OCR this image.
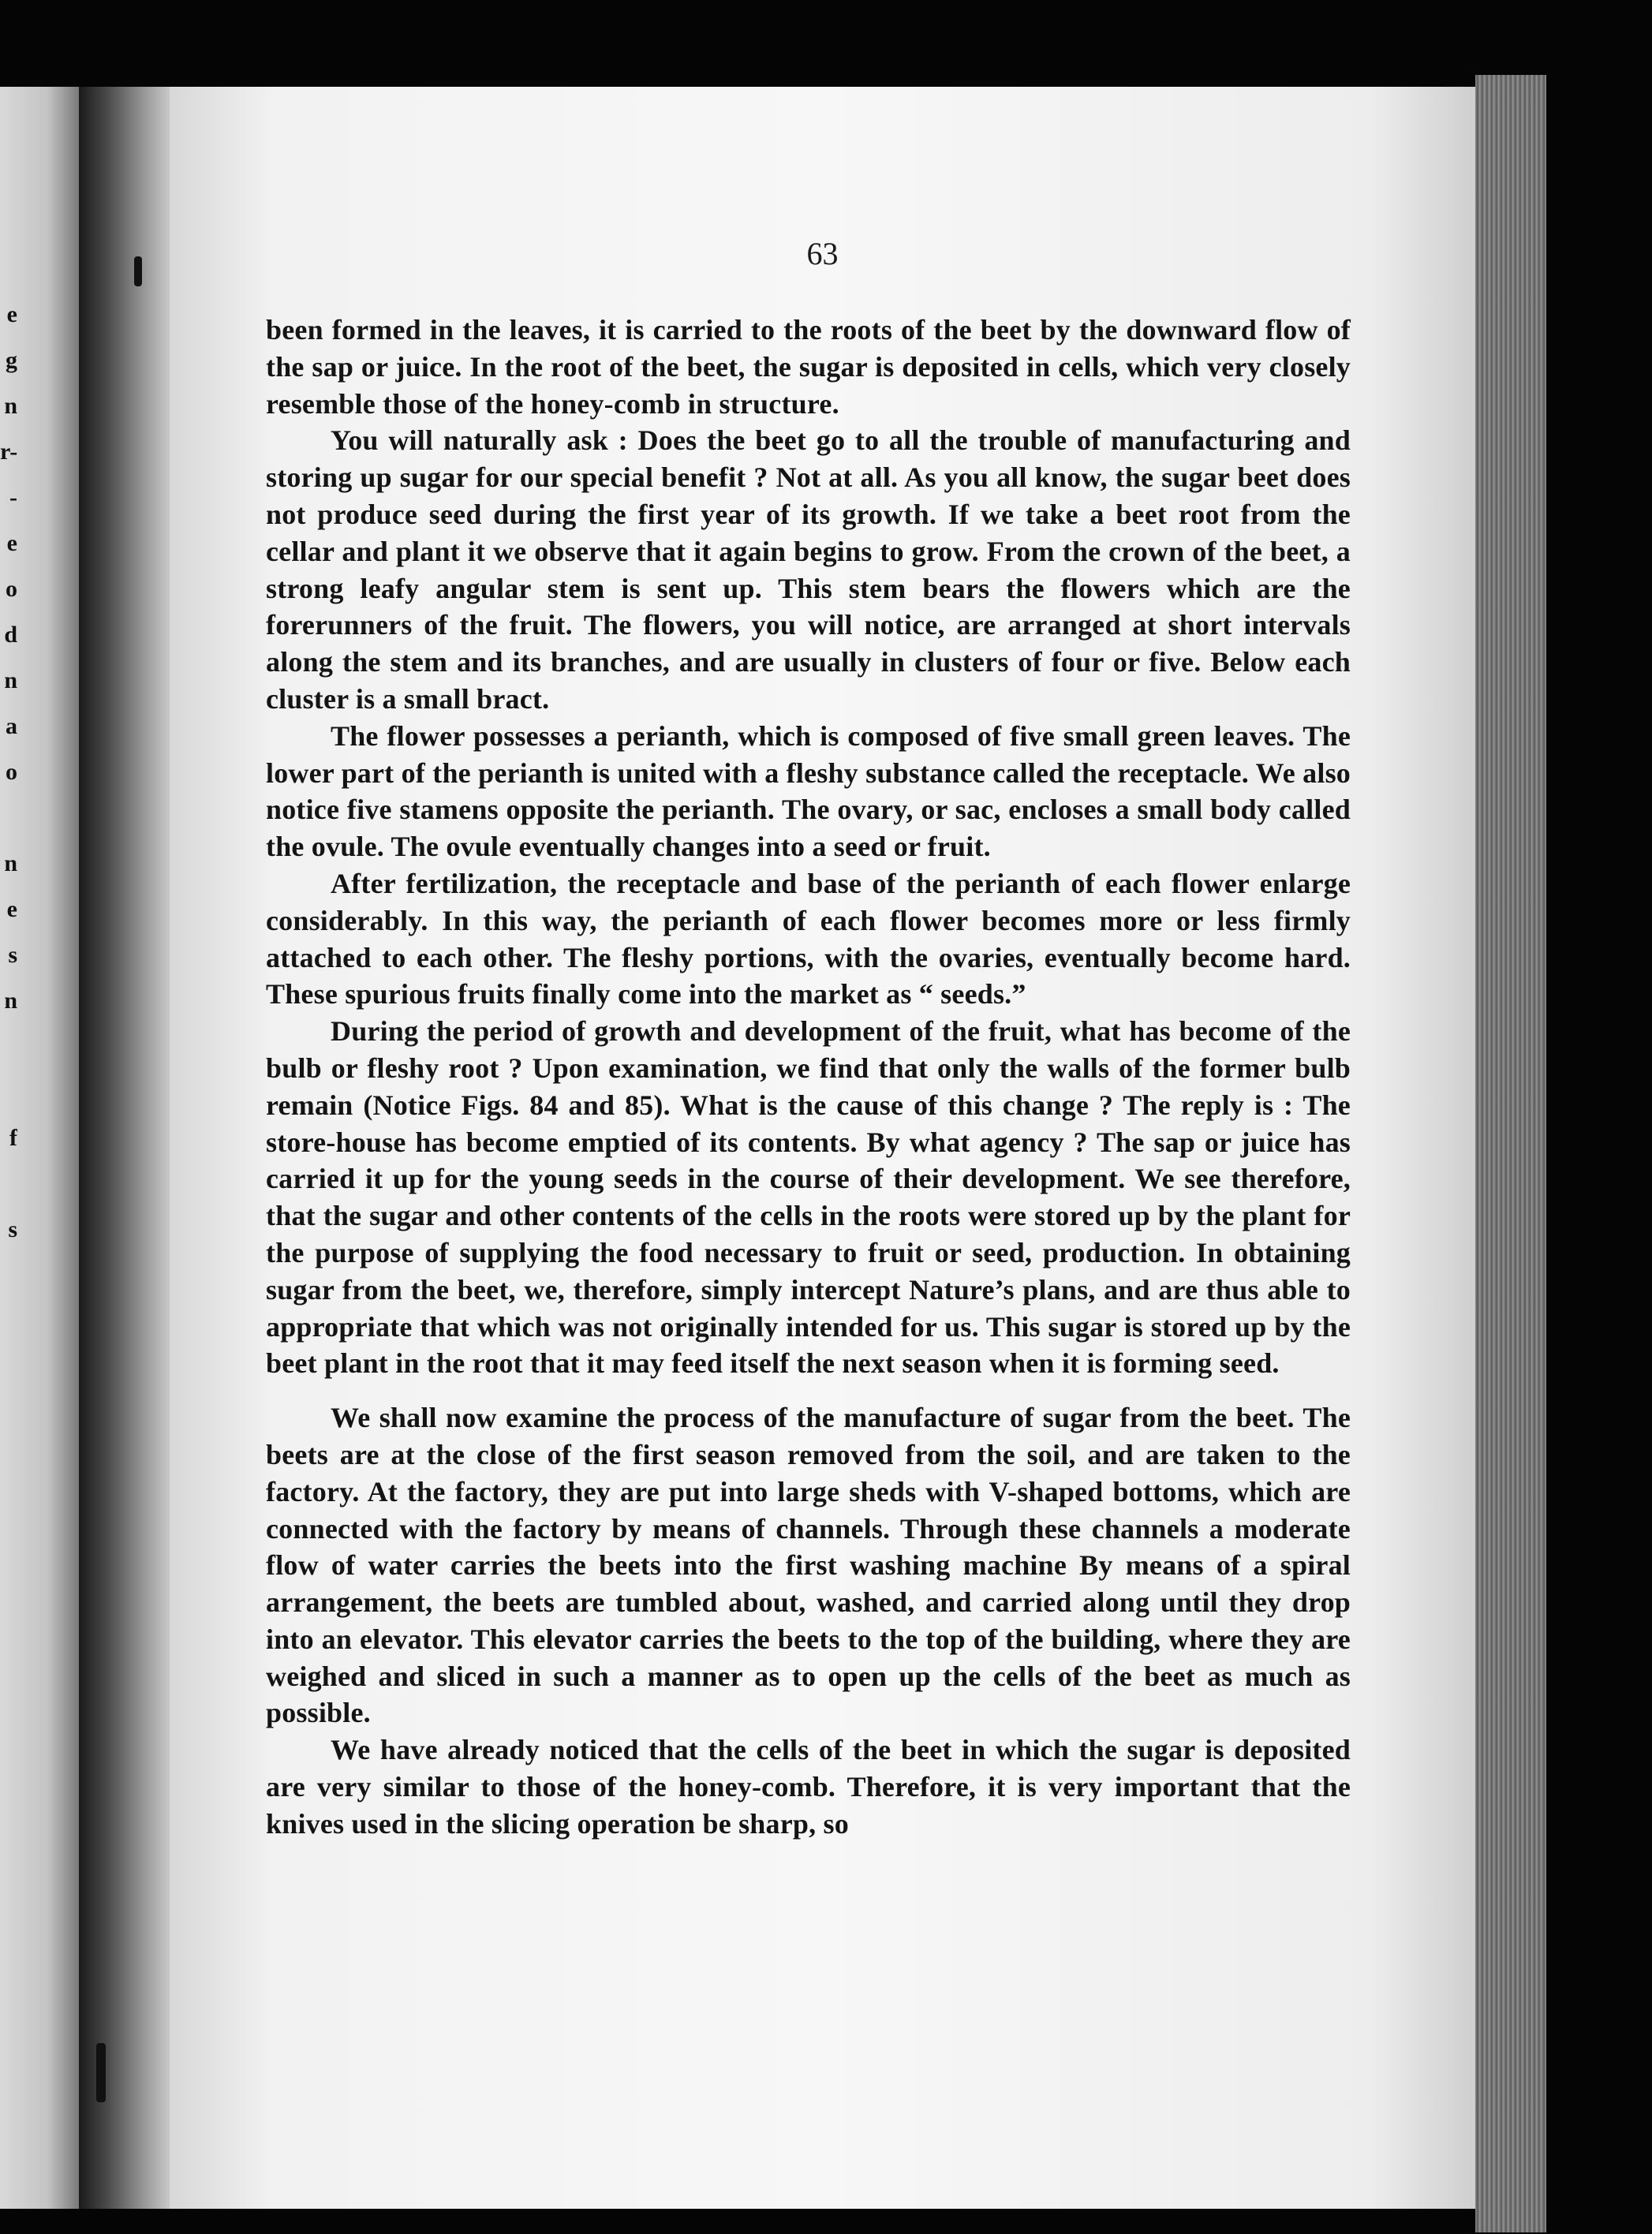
e
g
n
r-
-
e
o
d
n
a
o

n
e
s
n

f

s
63

been formed in the leaves, it is carried to the roots of the beet by the downward flow of the sap or juice. In the root of the beet, the sugar is deposited in cells, which very closely resemble those of the honey-comb in structure.

You will naturally ask : Does the beet go to all the trouble of manufacturing and storing up sugar for our special benefit ? Not at all. As you all know, the sugar beet does not produce seed during the first year of its growth. If we take a beet root from the cellar and plant it we observe that it again begins to grow. From the crown of the beet, a strong leafy angular stem is sent up. This stem bears the flowers which are the forerunners of the fruit. The flowers, you will notice, are arranged at short intervals along the stem and its branches, and are usually in clusters of four or five. Below each cluster is a small bract.

The flower possesses a perianth, which is composed of five small green leaves. The lower part of the perianth is united with a fleshy substance called the receptacle. We also notice five stamens opposite the perianth. The ovary, or sac, encloses a small body called the ovule. The ovule eventually changes into a seed or fruit.

After fertilization, the receptacle and base of the perianth of each flower enlarge considerably. In this way, the perianth of each flower becomes more or less firmly attached to each other. The fleshy portions, with the ovaries, eventually become hard. These spurious fruits finally come into the market as “ seeds.”

During the period of growth and development of the fruit, what has become of the bulb or fleshy root ? Upon examination, we find that only the walls of the former bulb remain (Notice Figs. 84 and 85). What is the cause of this change ? The reply is : The store-house has become emptied of its contents. By what agency ? The sap or juice has carried it up for the young seeds in the course of their development. We see therefore, that the sugar and other contents of the cells in the roots were stored up by the plant for the purpose of supplying the food necessary to fruit or seed, production. In obtaining sugar from the beet, we, therefore, simply intercept Nature’s plans, and are thus able to appropriate that which was not originally intended for us. This sugar is stored up by the beet plant in the root that it may feed itself the next season when it is forming seed.

We shall now examine the process of the manufacture of sugar from the beet. The beets are at the close of the first season removed from the soil, and are taken to the factory. At the factory, they are put into large sheds with V-shaped bottoms, which are connected with the factory by means of channels. Through these channels a moderate flow of water carries the beets into the first washing machine By means of a spiral arrangement, the beets are tumbled about, washed, and carried along until they drop into an elevator. This elevator carries the beets to the top of the building, where they are weighed and sliced in such a manner as to open up the cells of the beet as much as possible.

We have already noticed that the cells of the beet in which the sugar is deposited are very similar to those of the honey-comb. Therefore, it is very important that the knives used in the slicing operation be sharp, so
